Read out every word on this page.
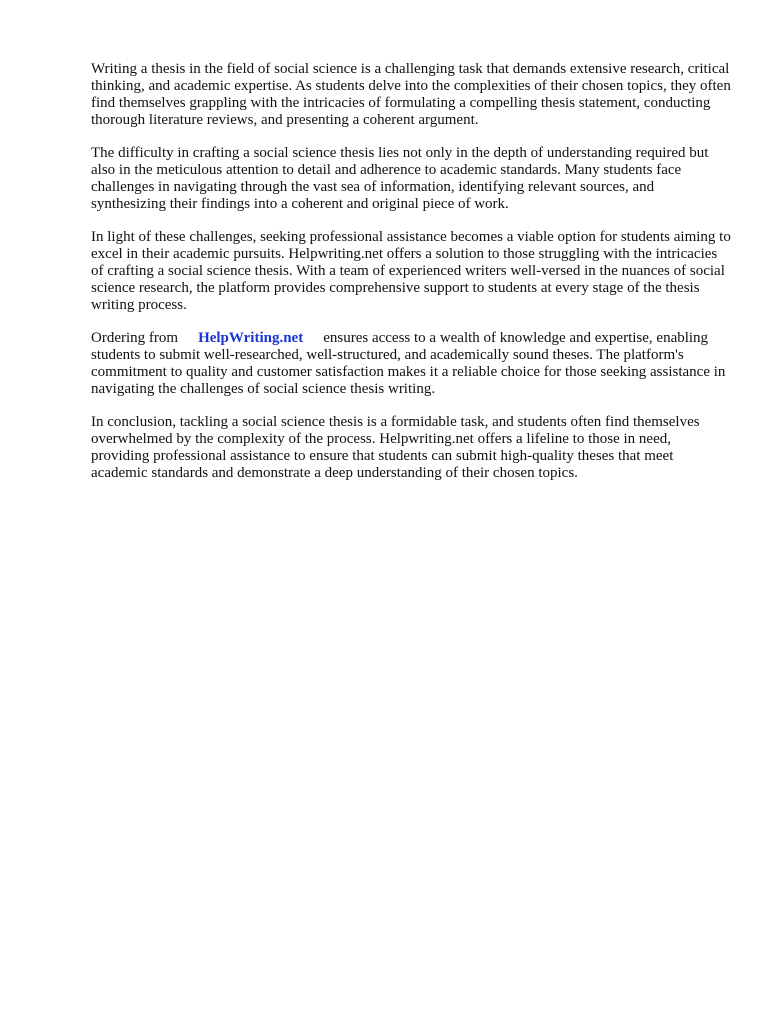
Writing a thesis in the field of social science is a challenging task that demands extensive research, critical thinking, and academic expertise. As students delve into the complexities of their chosen topics, they often find themselves grappling with the intricacies of formulating a compelling thesis statement, conducting thorough literature reviews, and presenting a coherent argument.

The difficulty in crafting a social science thesis lies not only in the depth of understanding required but also in the meticulous attention to detail and adherence to academic standards. Many students face challenges in navigating through the vast sea of information, identifying relevant sources, and synthesizing their findings into a coherent and original piece of work.

In light of these challenges, seeking professional assistance becomes a viable option for students aiming to excel in their academic pursuits. Helpwriting.net offers a solution to those struggling with the intricacies of crafting a social science thesis. With a team of experienced writers well-versed in the nuances of social science research, the platform provides comprehensive support to students at every stage of the thesis writing process.

Ordering from HelpWriting.net ensures access to a wealth of knowledge and expertise, enabling students to submit well-researched, well-structured, and academically sound theses. The platform's commitment to quality and customer satisfaction makes it a reliable choice for those seeking assistance in navigating the challenges of social science thesis writing.

In conclusion, tackling a social science thesis is a formidable task, and students often find themselves overwhelmed by the complexity of the process. Helpwriting.net offers a lifeline to those in need, providing professional assistance to ensure that students can submit high-quality theses that meet academic standards and demonstrate a deep understanding of their chosen topics.
